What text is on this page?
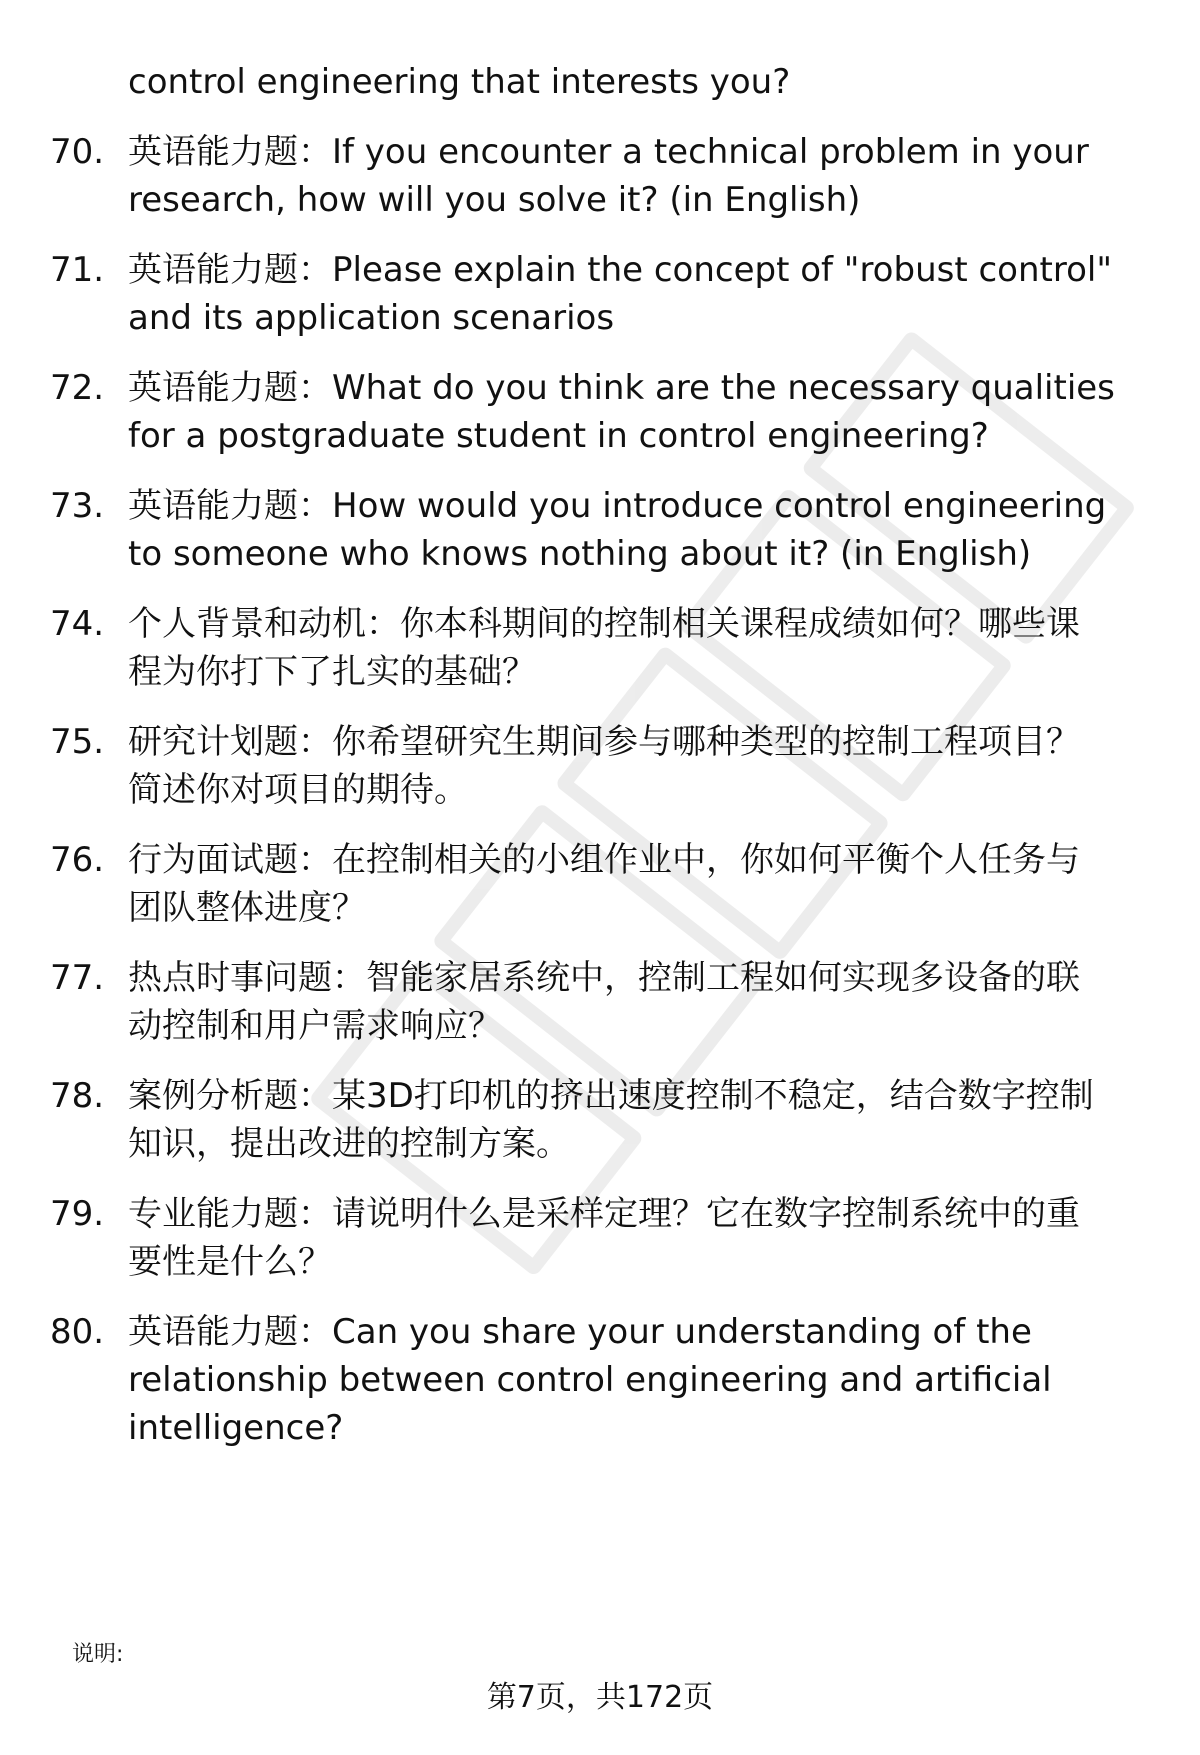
control engineering that interests you?
70. 英语能力题：If you encounter a technical problem in your
research, how will you solve it? (in English)
71. 英语能力题：Please explain the concept of "robust control"
and its application scenarios
72. 英语能力题：What do you think are the necessary qualities
for a postgraduate student in control engineering?
73. 英语能力题：How would you introduce control engineering
to someone who knows nothing about it? (in English)
74. 个人背景和动机：你本科期间的控制相关课程成绩如何？哪些课
程为你打下了扎实的基础？
75. 研究计划题：你希望研究生期间参与哪种类型的控制工程项目？
简述你对项目的期待。
76. 行为面试题：在控制相关的小组作业中，你如何平衡个人任务与
团队整体进度？
77. 热点时事问题：智能家居系统中，控制工程如何实现多设备的联
动控制和用户需求响应？
78. 案例分析题：某3D打印机的挤出速度控制不稳定，结合数字控制
知识，提出改进的控制方案。
79. 专业能力题：请说明什么是采样定理？它在数字控制系统中的重
要性是什么？
80. 英语能力题：Can you share your understanding of the
relationship between control engineering and artificial
intelligence?
说明:
第7页，共172页
